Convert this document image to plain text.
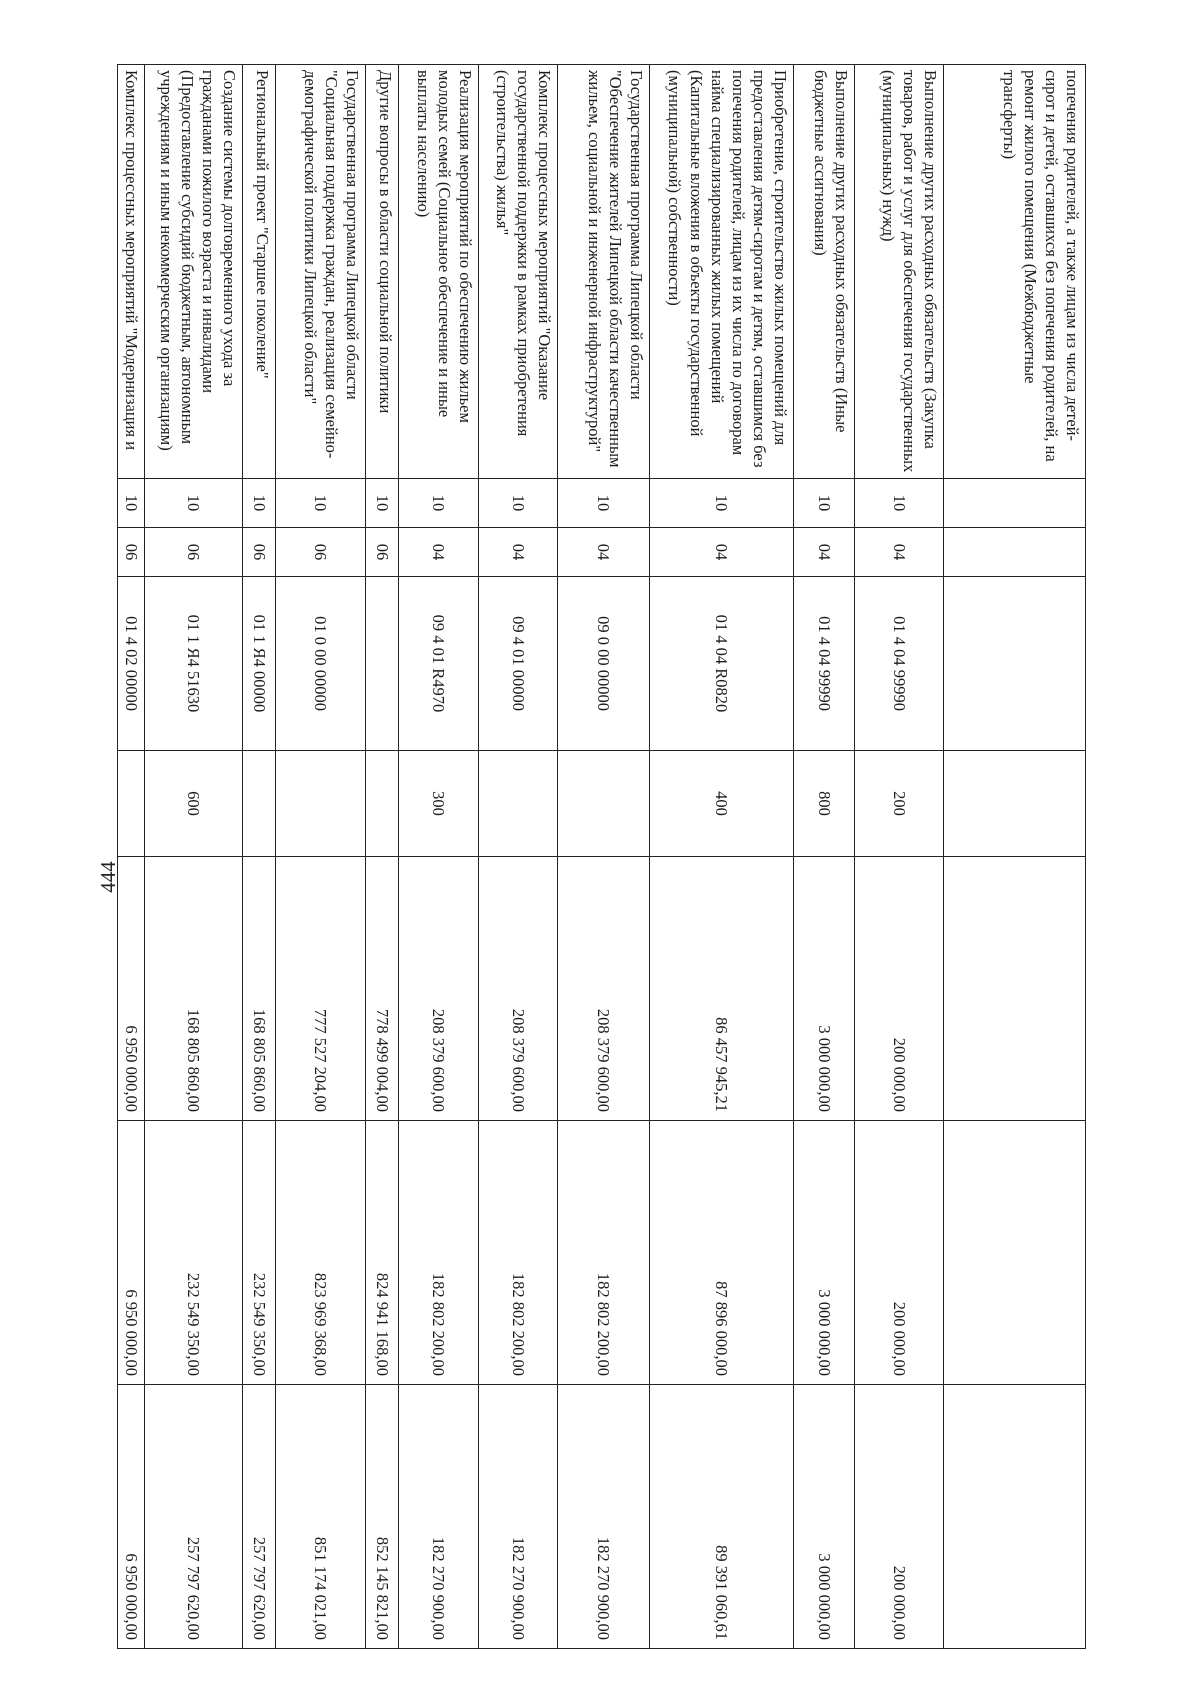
444
попечения родителей, а также лицам из числа детей-сирот и детей, оставшихся без попечения родителей, на ремонт жилого помещения (Межбюджетные трансферты)							
Выполнение других расходных обязательств (Закупка товаров, работ и услуг для обеспечения государственных (муниципальных) нужд)	10	04	01 4 04 99990	200	200 000,00	200 000,00	200 000,00
Выполнение других расходных обязательств (Иные бюджетные ассигнования)	10	04	01 4 04 99990	800	3 000 000,00	3 000 000,00	3 000 000,00
Приобретение, строительство жилых помещений для предоставления детям-сиротам и детям, оставшимся без попечения родителей, лицам из их числа по договорам найма специализированных жилых помещений (Капитальные вложения в объекты государственной (муниципальной) собственности)	10	04	01 4 04 R0820	400	86 457 945,21	87 896 000,00	89 391 060,61
Государственная программа Липецкой области "Обеспечение жителей Липецкой области качественным жильем, социальной и инженерной инфраструктурой"	10	04	09 0 00 00000		208 379 600,00	182 802 200,00	182 270 900,00
Комплекс процессных мероприятий "Оказание государственной поддержки в рамках приобретения (строительства) жилья"	10	04	09 4 01 00000		208 379 600,00	182 802 200,00	182 270 900,00
Реализация мероприятий по обеспечению жильем молодых семей (Социальное обеспечение и иные выплаты населению)	10	04	09 4 01 R4970	300	208 379 600,00	182 802 200,00	182 270 900,00
Другие вопросы в области социальной политики	10	06			778 499 004,00	824 941 168,00	852 145 821,00
Государственная программа Липецкой области "Социальная поддержка граждан, реализация семейно-демографической политики Липецкой области"	10	06	01 0 00 00000		777 527 204,00	823 969 368,00	851 174 021,00
Региональный проект "Старшее поколение"	10	06	01 1 Я4 00000		168 805 860,00	232 549 350,00	257 797 620,00
Создание системы долговременного ухода за гражданами пожилого возраста и инвалидами (Предоставление субсидий бюджетным, автономным учреждениям и иным некоммерческим организациям)	10	06	01 1 Я4 51630	600	168 805 860,00	232 549 350,00	257 797 620,00
Комплекс процессных мероприятий "Модернизация и	10	06	01 4 02 00000		6 950 000,00	6 950 000,00	6 950 000,00
